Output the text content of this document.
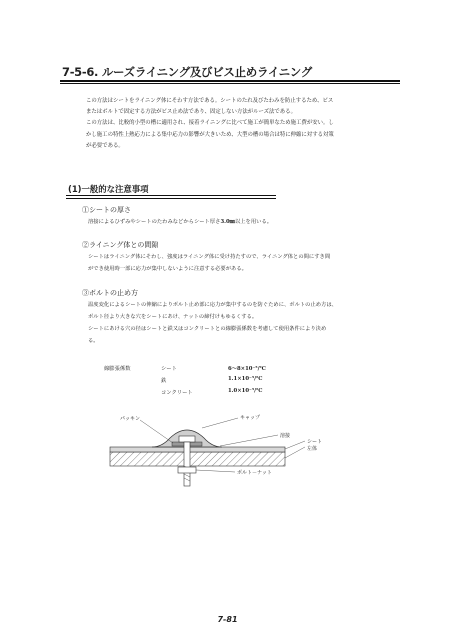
7-5-6. ルーズライニング及びビス止めライニング

この方法はシートをライニング体にそわす方法である。シートのたれ及びたわみを防止するため、ビス

またはボルトで固定する方法がビス止め法であり、固定しない方法がルーズ法である。

この方法は、比較的小型の槽に適用され、接着ライニングに比べて施工が簡単なため施工費が安い。し

かし施工の特性上熱応力による集中応力の影響が大きいため、大型の槽の場合は特に伸縮に対する対策

が必要である。

(1)一般的な注意事項
①シートの厚さ

溶接によるひずみやシートのたわみなどからシート厚さ3.0㎜以上を用いる。

②ライニング体との間隙

シートはライニング体にそわし、強度はライニング体に受け持たすので、ライニング体との間にすき間

ができ使用時一部に応力が集中しないように注意する必要がある。

③ボルトの止め方

温度変化によるシートの伸縮によりボルト止め部に応力が集中するのを防ぐために、ボルトの止め方は、

ボルト径より大きな穴をシートにあけ、ナットの締付けもゆるくする。

シートにあける穴の径はシートと鉄又はコンクリートとの線膨張係数を考慮して使用条件により決め

る。

線膨張係数	シート	6～8×10⁻⁵/℃
鉄	1.1×10⁻⁵/℃
コンクリート	1.0×10⁻⁵/℃
パッキン	キャップ
溶接
シート
左体
ボルト－ナット
7-81
